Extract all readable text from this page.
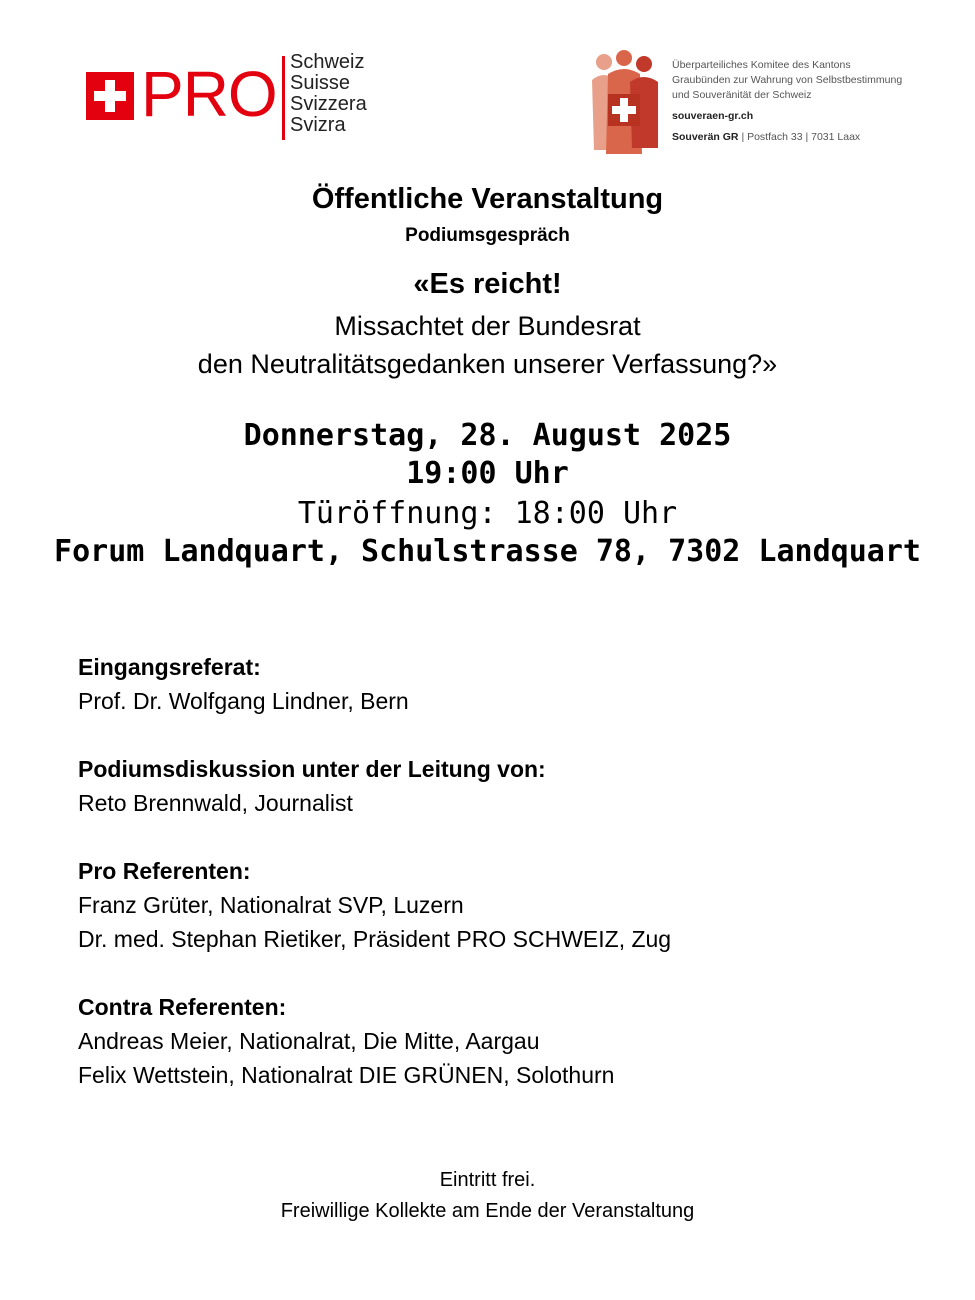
PRO Schweiz
Suisse
Svizzera
Svizra
Überparteiliches Komitee des Kantons
Graubünden zur Wahrung von Selbstbestimmung
und Souveränität der Schweiz
souveraen-gr.ch
Souverän GR | Postfach 33 | 7031 Laax
Öffentliche Veranstaltung
Podiumsgespräch
«Es reicht!
Missachtet der Bundesrat
den Neutralitätsgedanken unserer Verfassung?»
Donnerstag, 28. August 2025
19:00 Uhr
Türöffnung: 18:00 Uhr
Forum Landquart, Schulstrasse 78, 7302 Landquart
Eingangsreferat:
Prof. Dr. Wolfgang Lindner, Bern
Podiumsdiskussion unter der Leitung von:
Reto Brennwald, Journalist
Pro Referenten:
Franz Grüter, Nationalrat SVP, Luzern
Dr. med. Stephan Rietiker, Präsident PRO SCHWEIZ, Zug
Contra Referenten:
Andreas Meier, Nationalrat, Die Mitte, Aargau
Felix Wettstein, Nationalrat DIE GRÜNEN, Solothurn
Eintritt frei.
Freiwillige Kollekte am Ende der Veranstaltung
